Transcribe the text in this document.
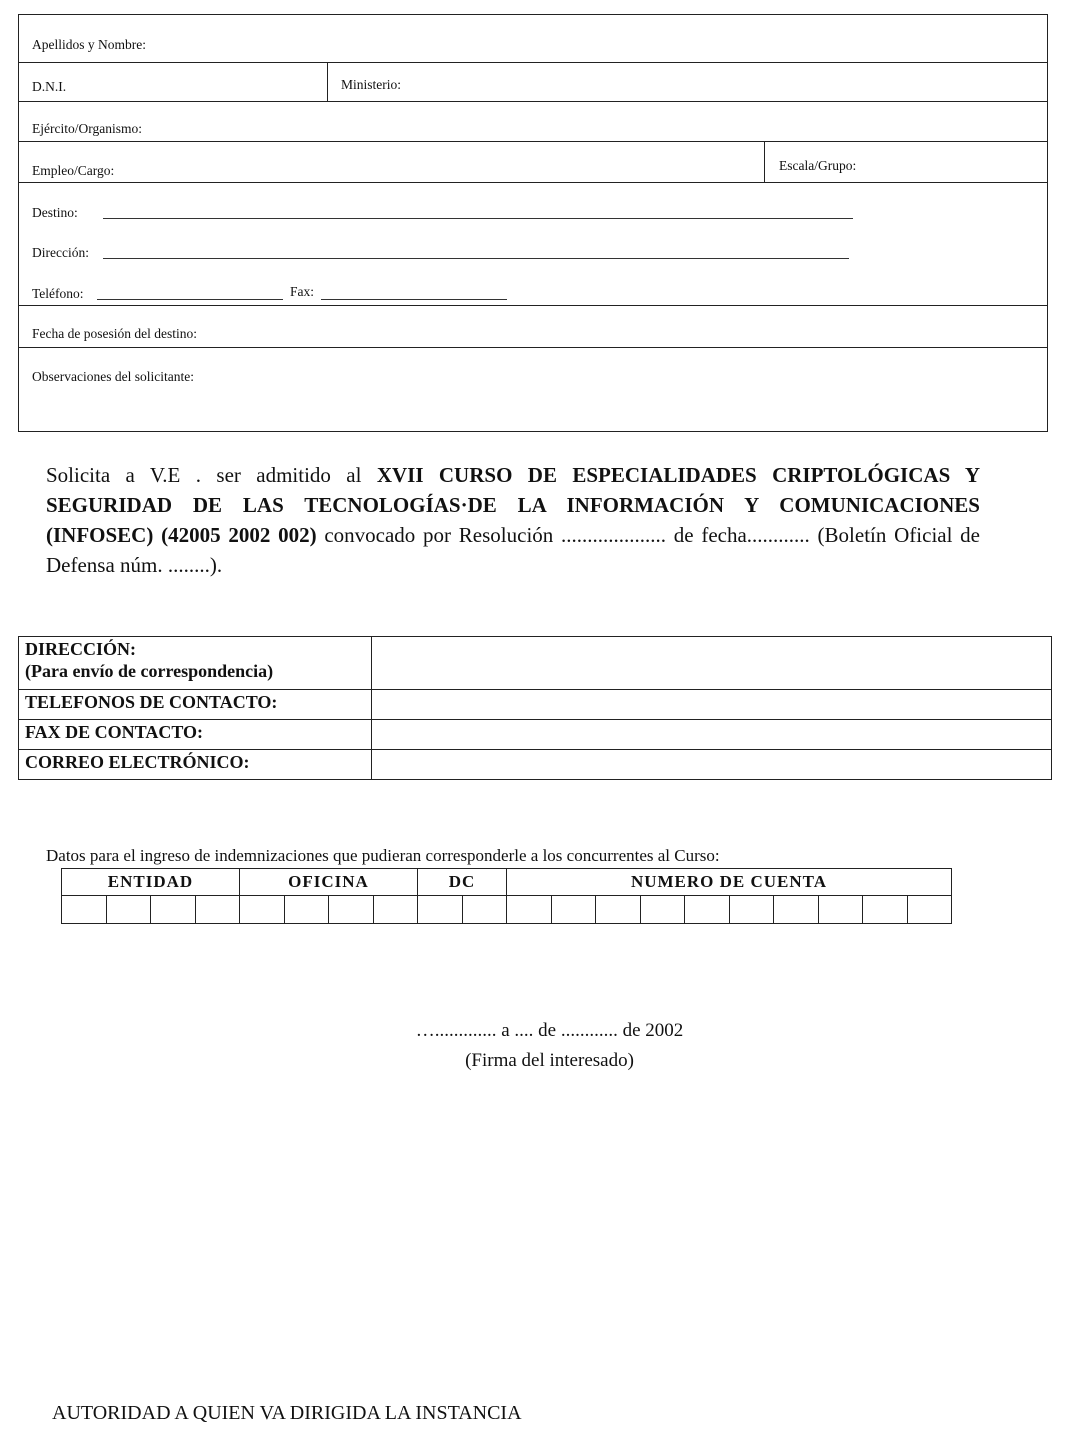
Apellidos y Nombre:
D.N.I.	Ministerio:
Ejército/Organismo:
Empleo/Cargo:	Escala/Grupo:
Destino:
Dirección:
Teléfono:	Fax:
Fecha de posesión del destino:
Observaciones del solicitante:

Solicita a V.E . ser admitido al XVII CURSO DE ESPECIALIDADES CRIPTOLÓGICAS Y SEGURIDAD DE LAS TECNOLOGÍAS·DE LA INFORMACIÓN Y COMUNICACIONES (INFOSEC) (42005 2002 002) convocado por Resolución .................... de fecha............ (Boletín Oficial de Defensa núm. ........).

DIRECCIÓN:
(Para envío de correspondencia)	

TELEFONOS DE CONTACTO:	
FAX DE CONTACTO:	
CORREO ELECTRÓNICO:	
Datos para el ingreso de indemnizaciones que pudieran corresponderle a los concurrentes al Curso:
ENTIDAD				OFICINA				DC		NUMERO DE CUENTA									

…............. a .... de ............ de 2002
(Firma del interesado)
AUTORIDAD A QUIEN VA DIRIGIDA LA INSTANCIA
